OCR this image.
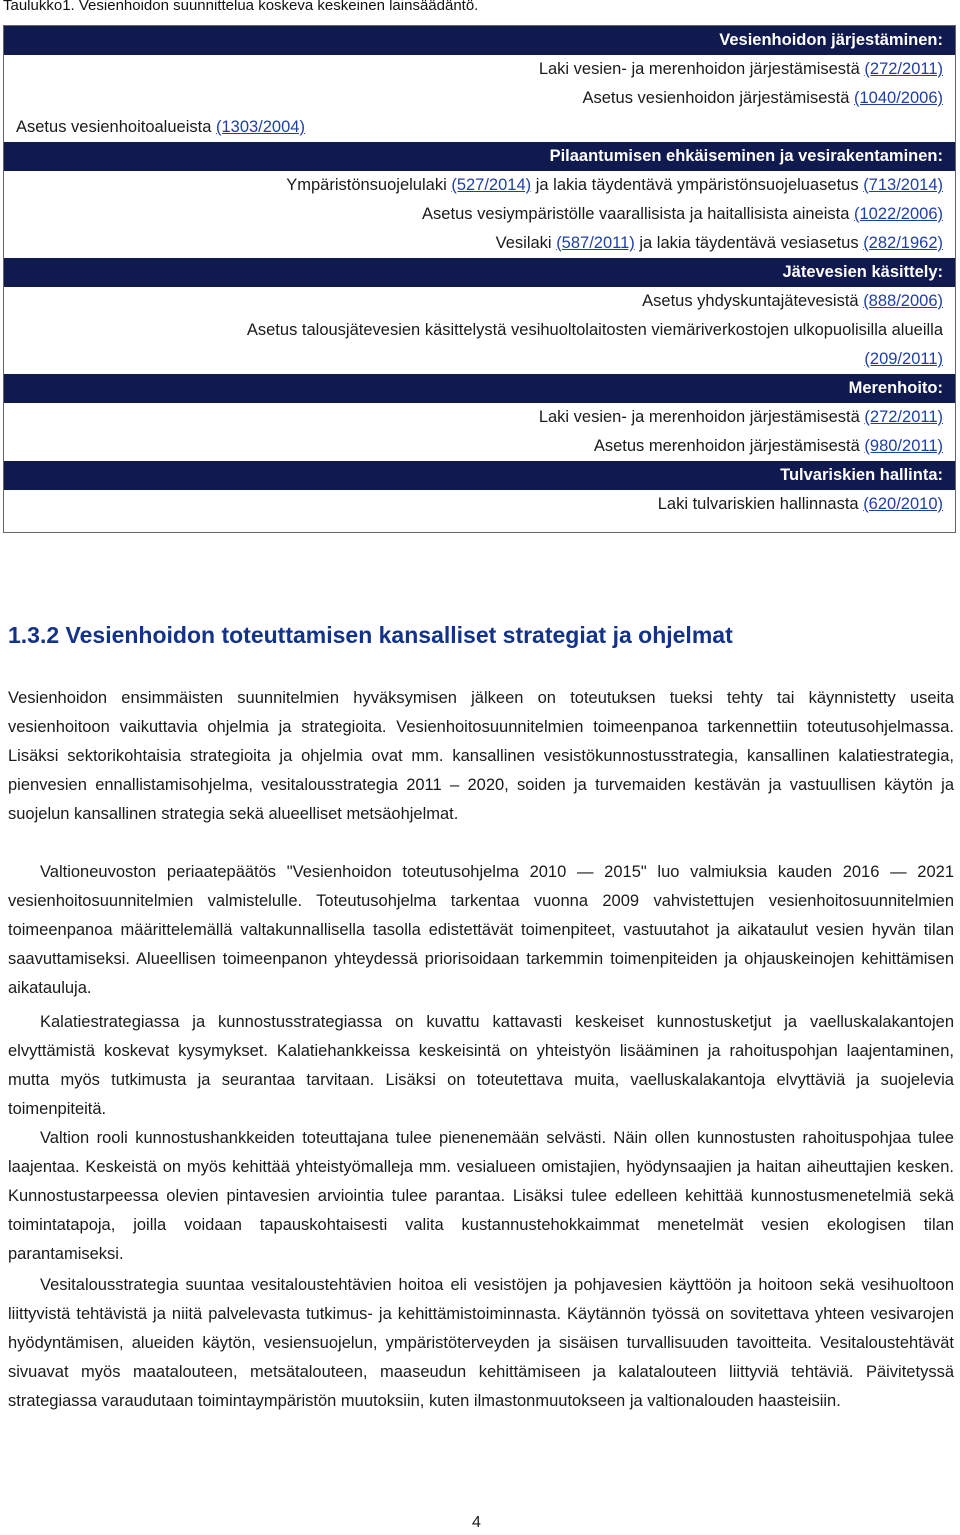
Taulukko1. Vesienhoidon suunnittelua koskeva keskeinen lainsäädäntö.
Vesienhoidon järjestäminen:
Laki vesien- ja merenhoidon järjestämisestä (272/2011)
Asetus vesienhoidon järjestämisestä (1040/2006)
Asetus vesienhoitoalueista (1303/2004)
Pilaantumisen ehkäiseminen ja vesirakentaminen:
Ympäristönsuojelulaki (527/2014) ja lakia täydentävä ympäristönsuojeluasetus (713/2014)
Asetus vesiympäristölle vaarallisista ja haitallisista aineista (1022/2006)
Vesilaki (587/2011) ja lakia täydentävä vesiasetus (282/1962)
Jätevesien käsittely:
Asetus yhdyskuntajätevesistä (888/2006)
Asetus talousjätevesien käsittelystä vesihuoltolaitosten viemäriverkostojen ulkopuolisilla alueilla
(209/2011)
Merenhoito:
Laki vesien- ja merenhoidon järjestämisestä (272/2011)
Asetus merenhoidon järjestämisestä (980/2011)
Tulvariskien hallinta:
Laki tulvariskien hallinnasta (620/2010)
1.3.2 Vesienhoidon toteuttamisen kansalliset strategiat ja ohjelmat
Vesienhoidon ensimmäisten suunnitelmien hyväksymisen jälkeen on toteutuksen tueksi tehty tai käynnistetty useita vesienhoitoon vaikuttavia ohjelmia ja strategioita. Vesienhoitosuunnitelmien toimeenpanoa tarkennettiin toteutusohjelmassa. Lisäksi sektorikohtaisia strategioita ja ohjelmia ovat mm. kansallinen vesistökunnostusstrategia, kansallinen kalatiestrategia, pienvesien ennallistamisohjelma, vesitalousstrategia 2011 – 2020, soiden ja turvemaiden kestävän ja vastuullisen käytön ja suojelun kansallinen strategia sekä alueelliset metsäohjelmat.
Valtioneuvoston periaatepäätös "Vesienhoidon toteutusohjelma 2010 — 2015" luo valmiuksia kauden 2016 — 2021 vesienhoitosuunnitelmien valmistelulle. Toteutusohjelma tarkentaa vuonna 2009 vahvistettujen vesienhoitosuunnitelmien toimeenpanoa määrittelemällä valtakunnallisella tasolla edistettävät toimenpiteet, vastuutahot ja aikataulut vesien hyvän tilan saavuttamiseksi. Alueellisen toimeenpanon yhteydessä priorisoidaan tarkemmin toimenpiteiden ja ohjauskeinojen kehittämisen aikatauluja.
Kalatiestrategiassa ja kunnostusstrategiassa on kuvattu kattavasti keskeiset kunnostusketjut ja vaelluskalakantojen elvyttämistä koskevat kysymykset. Kalatiehankkeissa keskeisintä on yhteistyön lisääminen ja rahoituspohjan laajentaminen, mutta myös tutkimusta ja seurantaa tarvitaan. Lisäksi on toteutettava muita, vaelluskalakantoja elvyttäviä ja suojelevia toimenpiteitä.
Valtion rooli kunnostushankkeiden toteuttajana tulee pienenemään selvästi. Näin ollen kunnostusten rahoituspohjaa tulee laajentaa. Keskeistä on myös kehittää yhteistyömalleja mm. vesialueen omistajien, hyödynsaajien ja haitan aiheuttajien kesken. Kunnostustarpeessa olevien pintavesien arviointia tulee parantaa. Lisäksi tulee edelleen kehittää kunnostusmenetelmiä sekä toimintatapoja, joilla voidaan tapauskohtaisesti valita kustannustehokkaimmat menetelmät vesien ekologisen tilan parantamiseksi.
Vesitalousstrategia suuntaa vesitaloustehtävien hoitoa eli vesistöjen ja pohjavesien käyttöön ja hoitoon sekä vesihuoltoon liittyvistä tehtävistä ja niitä palvelevasta tutkimus- ja kehittämistoiminnasta. Käytännön työssä on sovitettava yhteen vesivarojen hyödyntämisen, alueiden käytön, vesiensuojelun, ympäristöterveyden ja sisäisen turvallisuuden tavoitteita. Vesitaloustehtävät sivuavat myös maatalouteen, metsätalouteen, maaseudun kehittämiseen ja kalatalouteen liittyviä tehtäviä. Päivitetyssä strategiassa varaudutaan toimintaympäristön muutoksiin, kuten ilmastonmuutokseen ja valtionalouden haasteisiin.
4
